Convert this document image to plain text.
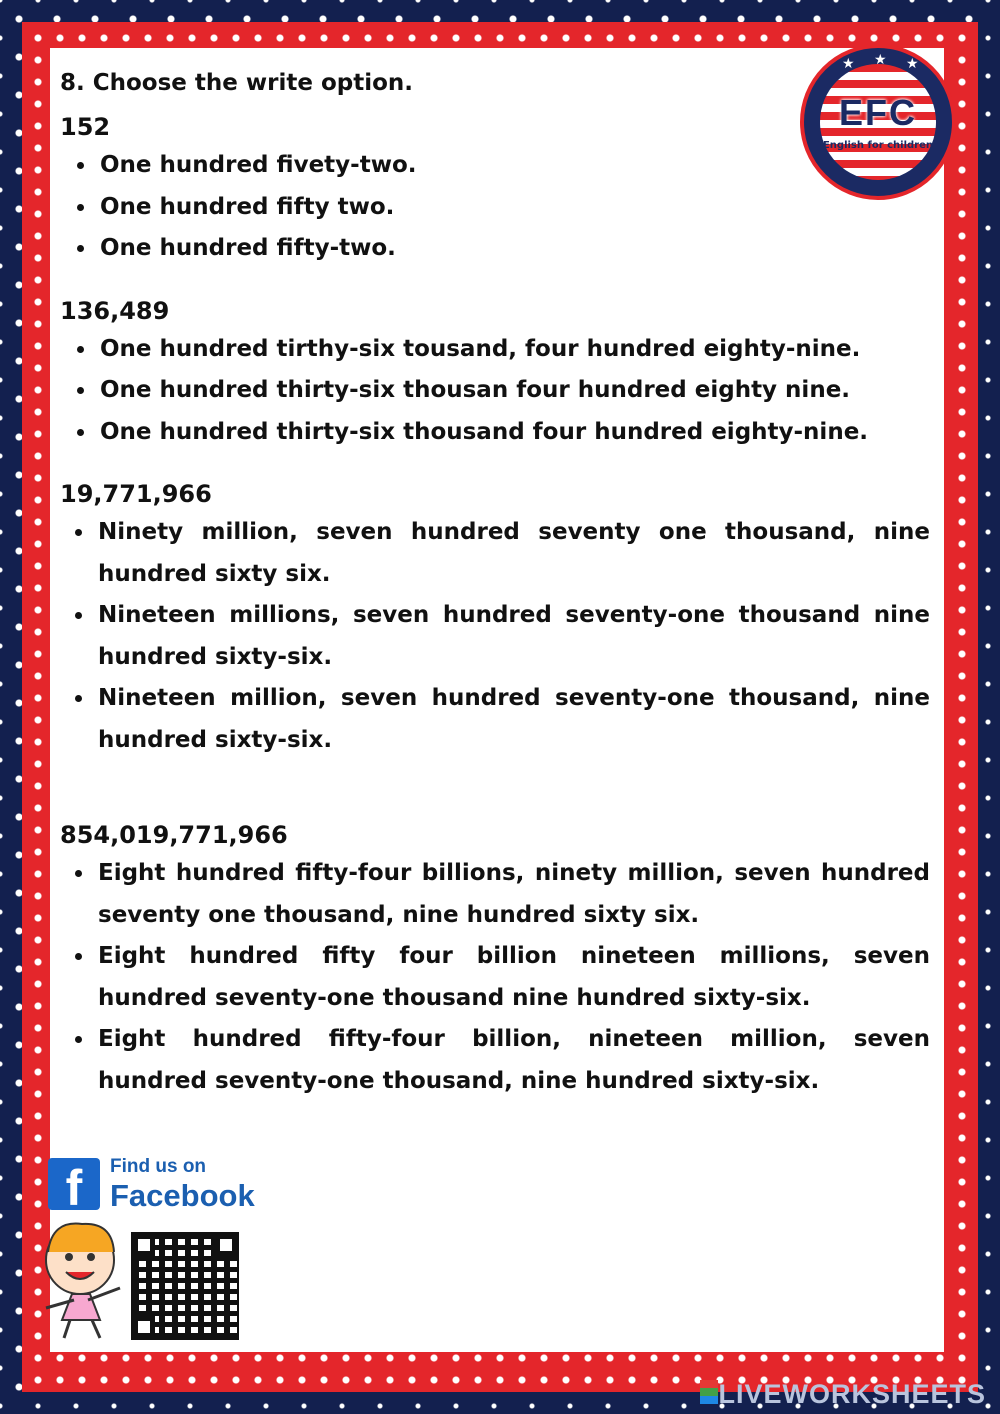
★ ★ ★
EFC
English for children

8. Choose the write option.

152

One hundred fivety-two.
One hundred fifty two.
One hundred fifty-two.

136,489

One hundred tirthy-six tousand, four hundred eighty-nine.
One hundred thirty-six thousan four hundred eighty nine.
One hundred thirty-six thousand four hundred eighty-nine.

19,771,966

Ninety million, seven hundred seventy one thousand, nine hundred sixty six.
Nineteen millions, seven hundred seventy-one thousand nine hundred sixty-six.
Nineteen million, seven hundred seventy-one thousand, nine hundred sixty-six.

854,019,771,966

Eight hundred fifty-four billions, ninety million, seven hundred seventy one thousand, nine hundred sixty six.
Eight hundred fifty four billion nineteen millions, seven hundred seventy-one thousand nine hundred sixty-six.
Eight hundred fifty-four billion, nineteen million, seven hundred seventy-one thousand, nine hundred sixty-six.
f	Find us on
Facebook
LIVEWORKSHEETS
